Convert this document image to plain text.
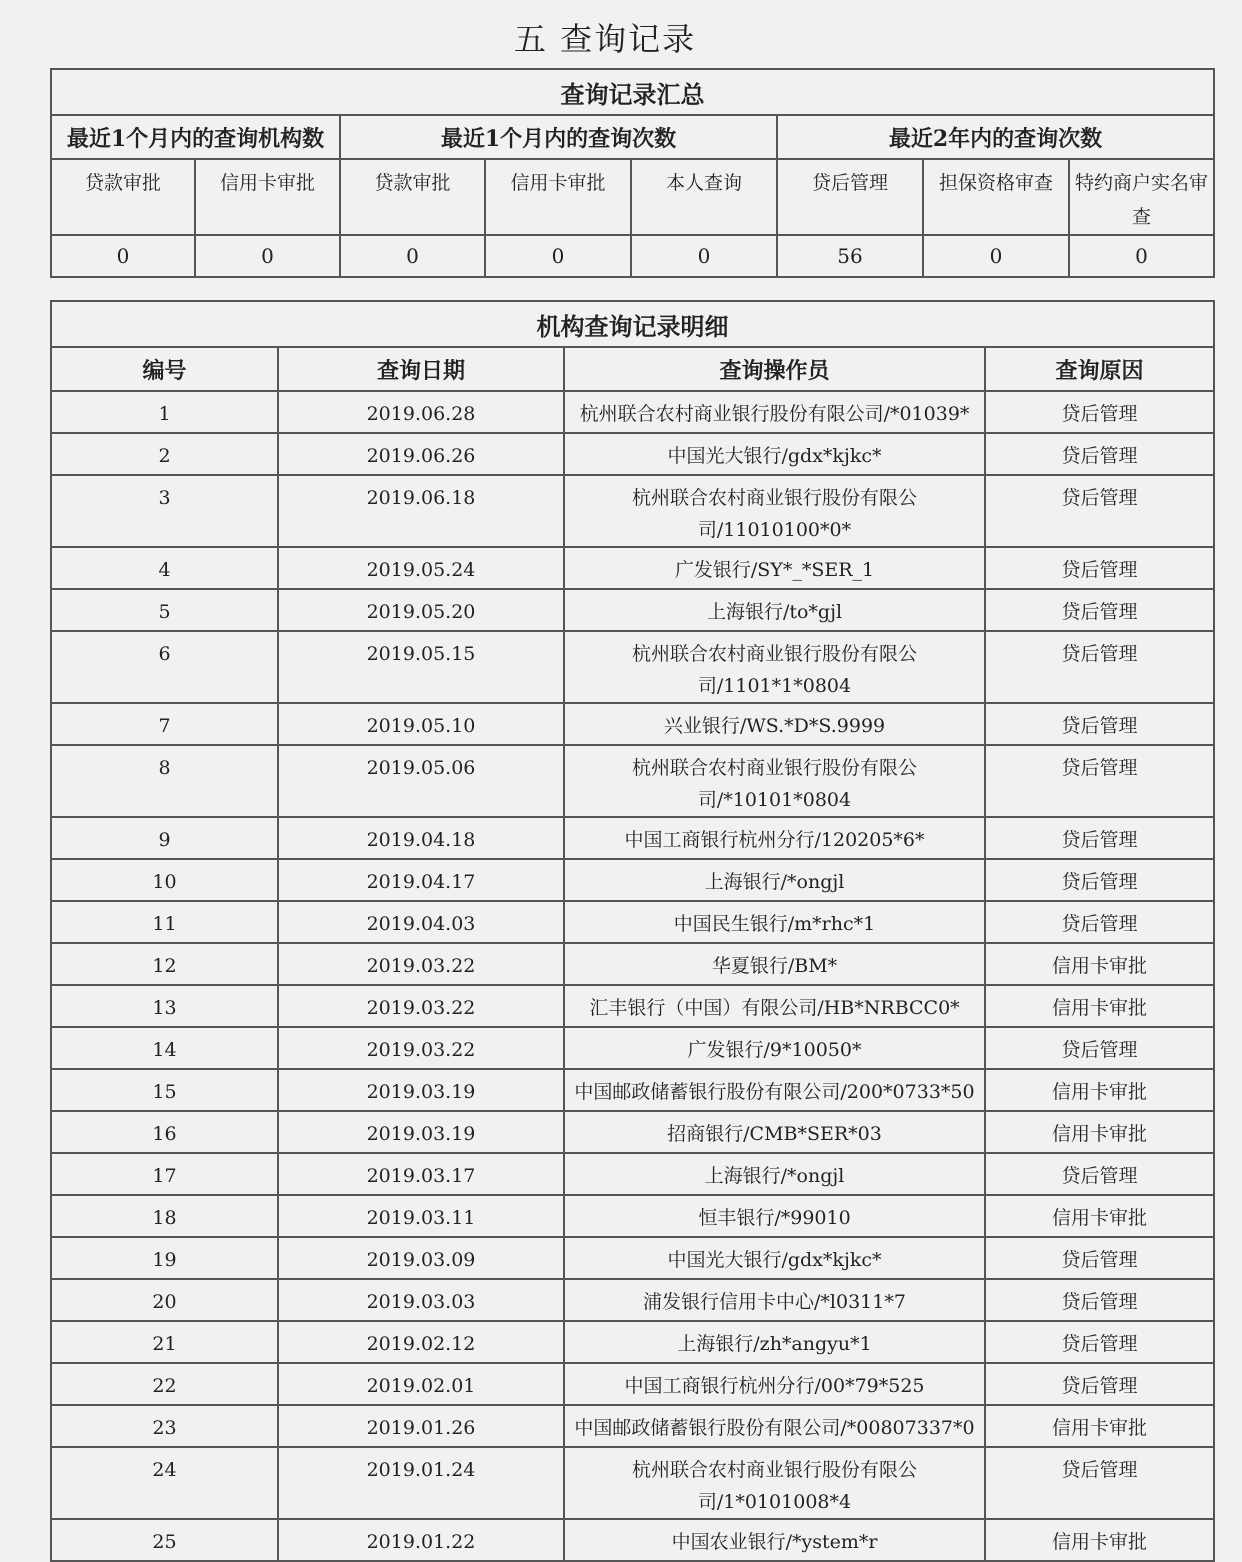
五 查询记录
查询记录汇总							
最近1个月内的查询机构数		最近1个月内的查询次数			最近2年内的查询次数		
贷款审批	信用卡审批	贷款审批	信用卡审批	本人查询	贷后管理	担保资格审查	特约商户实名审查
0	0	0	0	0	56	0	0
机构查询记录明细			
编号	查询日期	查询操作员	查询原因
1	2019.06.28	杭州联合农村商业银行股份有限公司/*01039*	贷后管理
2	2019.06.26	中国光大银行/gdx*kjkc*	贷后管理
3	2019.06.18	杭州联合农村商业银行股份有限公司/11010100*0*	贷后管理
4	2019.05.24	广发银行/SY*_*SER_1	贷后管理
5	2019.05.20	上海银行/to*gjl	贷后管理
6	2019.05.15	杭州联合农村商业银行股份有限公司/1101*1*0804	贷后管理
7	2019.05.10	兴业银行/WS.*D*S.9999	贷后管理
8	2019.05.06	杭州联合农村商业银行股份有限公司/*10101*0804	贷后管理
9	2019.04.18	中国工商银行杭州分行/120205*6*	贷后管理
10	2019.04.17	上海银行/*ongjl	贷后管理
11	2019.04.03	中国民生银行/m*rhc*1	贷后管理
12	2019.03.22	华夏银行/BM*	信用卡审批
13	2019.03.22	汇丰银行（中国）有限公司/HB*NRBCC0*	信用卡审批
14	2019.03.22	广发银行/9*10050*	贷后管理
15	2019.03.19	中国邮政储蓄银行股份有限公司/200*0733*50	信用卡审批
16	2019.03.19	招商银行/CMB*SER*03	信用卡审批
17	2019.03.17	上海银行/*ongjl	贷后管理
18	2019.03.11	恒丰银行/*99010	信用卡审批
19	2019.03.09	中国光大银行/gdx*kjkc*	贷后管理
20	2019.03.03	浦发银行信用卡中心/*l0311*7	贷后管理
21	2019.02.12	上海银行/zh*angyu*1	贷后管理
22	2019.02.01	中国工商银行杭州分行/00*79*525	贷后管理
23	2019.01.26	中国邮政储蓄银行股份有限公司/*00807337*0	信用卡审批
24	2019.01.24	杭州联合农村商业银行股份有限公司/1*0101008*4	贷后管理
25	2019.01.22	中国农业银行/*ystem*r	信用卡审批
